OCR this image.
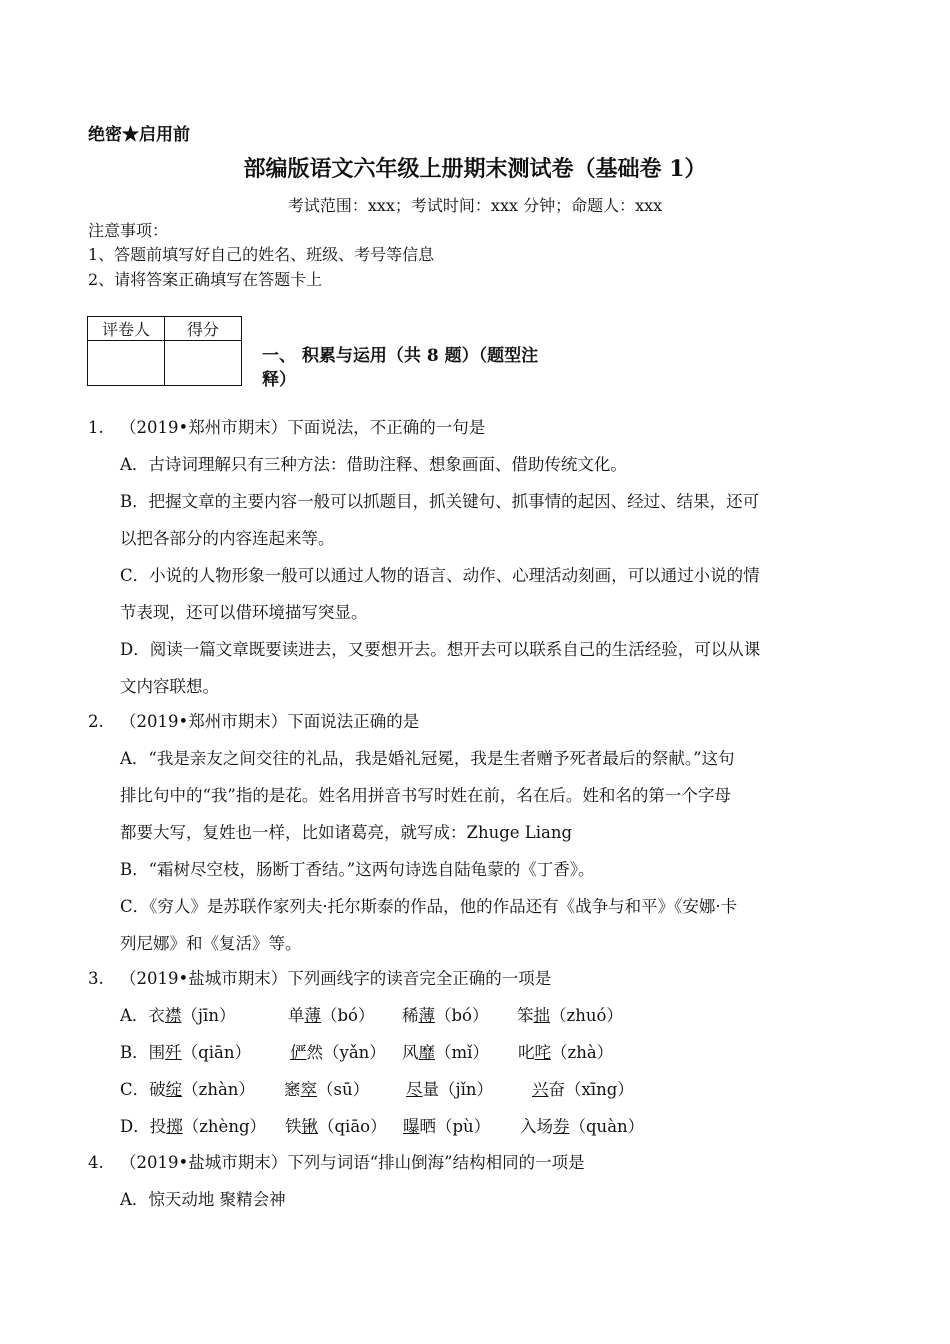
绝密★启用前
部编版语文六年级上册期末测试卷（基础卷 1）
考试范围：xxx；考试时间：xxx 分钟；命题人：xxx
注意事项：
1、答题前填写好自己的姓名、班级、考号等信息
2、请将答案正确填写在答题卡上
评卷人	得分

一、 积累与运用（共 8 题）（题型注
释）
1. （2019•郑州市期末）下面说法，不正确的一句是
A．古诗词理解只有三种方法：借助注释、想象画面、借助传统文化。
B．把握文章的主要内容一般可以抓题目，抓关键句、抓事情的起因、经过、结果，还可
以把各部分的内容连起来等。
C．小说的人物形象一般可以通过人物的语言、动作、心理活动刻画，可以通过小说的情
节表现，还可以借环境描写突显。
D．阅读一篇文章既要读进去，又要想开去。想开去可以联系自己的生活经验，可以从课
文内容联想。
2. （2019•郑州市期末）下面说法正确的是
A．“我是亲友之间交往的礼品，我是婚礼冠冕，我是生者赠予死者最后的祭献。”这句
排比句中的“我”指的是花。姓名用拼音书写时姓在前，名在后。姓和名的第一个字母
都要大写，复姓也一样，比如诸葛亮，就写成：Zhuge Liang
B．“霜树尽空枝，肠断丁香结。”这两句诗选自陆龟蒙的《丁香》。
C．《穷人》是苏联作家列夫·托尔斯泰的作品，他的作品还有《战争与和平》《安娜·卡
列尼娜》和《复活》等。
3. （2019•盐城市期末）下列画线字的读音完全正确的一项是
A．衣襟（jīn）	单薄（bó） 稀薄（bó） 笨拙（zhuó）
B．围歼（qiān） 俨然（yǎn） 风靡（mǐ） 叱咤（zhà）
C．破绽（zhàn） 窸窣（sū） 尽量（jǐn） 兴奋（xīng）
D．投掷（zhèng） 铁锹（qiāo） 曝晒（pù） 入场券（quàn）
4. （2019•盐城市期末）下列与词语“排山倒海”结构相同的一项是
A．惊天动地 聚精会神
